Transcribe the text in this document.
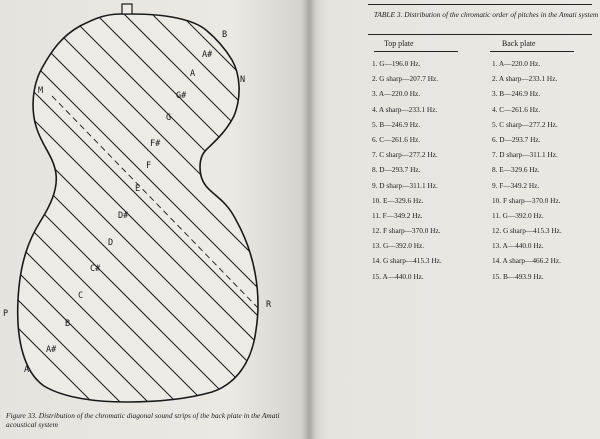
B
A#
A
G#
G
F#
F
E
D#
D
C#
C
B
A#
A
M
N
P
R
Figure 33. Distribution of the chromatic diagonal sound strips of the back plate in the Amati acoustical system
TABLE 3. Distribution of the chromatic order of pitches in the Amati system
Top plate	Back plate
1. G—196.0 Hz.
2. G sharp—207.7 Hz.
3. A—220.0 Hz.
4. A sharp—233.1 Hz.
5. B—246.9 Hz.
6. C—261.6 Hz.
7. C sharp—277.2 Hz.
8. D—293.7 Hz.
9. D sharp—311.1 Hz.
10. E—329.6 Hz.
11. F—349.2 Hz.
12. F sharp—370.0 Hz.
13. G—392.0 Hz.
14. G sharp—415.3 Hz.
15. A—440.0 Hz.
1. A—220.0 Hz.
2. A sharp—233.1 Hz.
3. B—246.9 Hz.
4. C—261.6 Hz.
5. C sharp—277.2 Hz.
6. D—293.7 Hz.
7. D sharp—311.1 Hz.
8. E—329.6 Hz.
9. F—349.2 Hz.
10. F sharp—370.0 Hz.
11. G—392.0 Hz.
12. G sharp—415.3 Hz.
13. A—440.0 Hz.
14. A sharp—466.2 Hz.
15. B—493.9 Hz.
